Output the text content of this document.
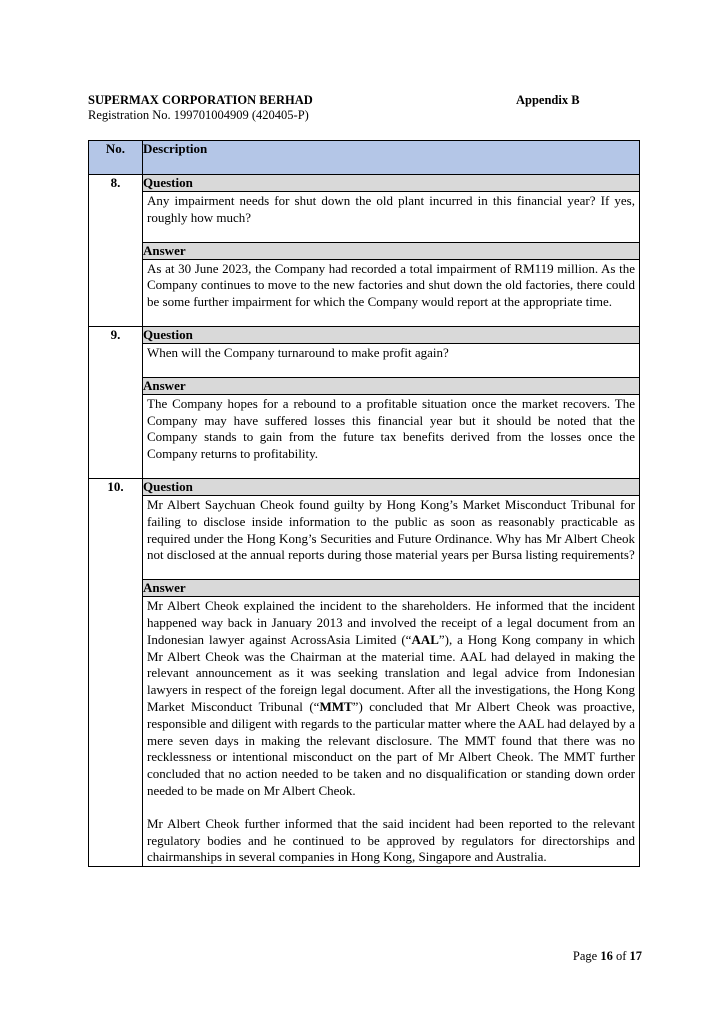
SUPERMAX CORPORATION BERHAD	Appendix B
Registration No. 199701004909 (420405-P)
No.	Description
8.	Question

	Any impairment needs for shut down the old plant incurred in this financial year? If yes, roughly how much?

	Answer

	As at 30 June 2023, the Company had recorded a total impairment of RM119 million. As the Company continues to move to the new factories and shut down the old factories, there could be some further impairment for which the Company would report at the appropriate time.

9.	Question

	When will the Company turnaround to make profit again?

	Answer

	The Company hopes for a rebound to a profitable situation once the market recovers. The Company may have suffered losses this financial year but it should be noted that the Company stands to gain from the future tax benefits derived from the losses once the Company returns to profitability.

10.	Question

	Mr Albert Saychuan Cheok found guilty by Hong Kong’s Market Misconduct Tribunal for failing to disclose inside information to the public as soon as reasonably practicable as required under the Hong Kong’s Securities and Future Ordinance. Why has Mr Albert Cheok not disclosed at the annual reports during those material years per Bursa listing requirements?

	Answer

	Mr Albert Cheok explained the incident to the shareholders. He informed that the incident happened way back in January 2013 and involved the receipt of a legal document from an Indonesian lawyer against AcrossAsia Limited (“AAL”), a Hong Kong company in which Mr Albert Cheok was the Chairman at the material time. AAL had delayed in making the relevant announcement as it was seeking translation and legal advice from Indonesian lawyers in respect of the foreign legal document. After all the investigations, the Hong Kong Market Misconduct Tribunal (“MMT”) concluded that Mr Albert Cheok was proactive, responsible and diligent with regards to the particular matter where the AAL had delayed by a mere seven days in making the relevant disclosure. The MMT found that there was no recklessness or intentional misconduct on the part of Mr Albert Cheok. The MMT further concluded that no action needed to be taken and no disqualification or standing down order needed to be made on Mr Albert Cheok.
Mr Albert Cheok further informed that the said incident had been reported to the relevant regulatory bodies and he continued to be approved by regulators for directorships and chairmanships in several companies in Hong Kong, Singapore and Australia.
Page 16 of 17
